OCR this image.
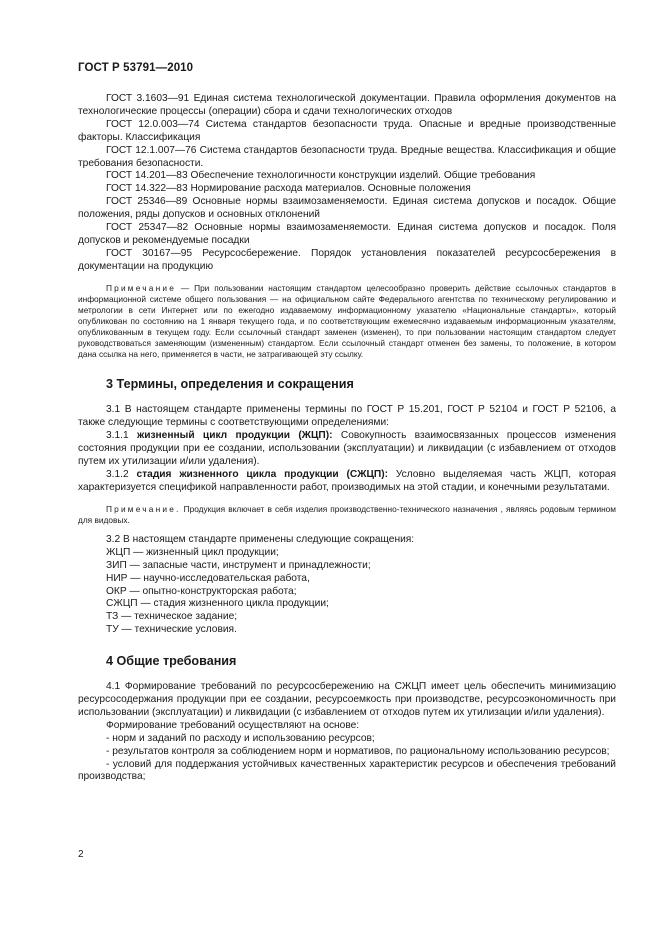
ГОСТ Р 53791—2010

ГОСТ 3.1603—91 Единая система технологической документации. Правила оформления документов на технологические процессы (операции) сбора и сдачи технологических отходов

ГОСТ 12.0.003—74 Система стандартов безопасности труда. Опасные и вредные производственные факторы. Классификация

ГОСТ 12.1.007—76 Система стандартов безопасности труда. Вредные вещества. Классификация и общие требования безопасности.

ГОСТ 14.201—83 Обеспечение технологичности конструкции изделий. Общие требования

ГОСТ 14.322—83 Нормирование расхода материалов. Основные положения

ГОСТ 25346—89 Основные нормы взаимозаменяемости. Единая система допусков и посадок. Общие положения, ряды допусков и основных отклонений

ГОСТ 25347—82 Основные нормы взаимозаменяемости. Единая система допусков и посадок. Поля допусков и рекомендуемые посадки

ГОСТ 30167—95 Ресурсосбережение. Порядок установления показателей ресурсосбережения в документации на продукцию

Примечание — При пользовании настоящим стандартом целесообразно проверить действие ссылочных стандартов в информационной системе общего пользования — на официальном сайте Федерального агентства по техническому регулированию и метрологии в сети Интернет или по ежегодно издаваемому информационному указателю «Национальные стандарты», который опубликован по состоянию на 1 января текущего года, и по соответствующим ежемесячно издаваемым информационным указателям, опубликованным в текущем году. Если ссылочный стандарт заменен (изменен), то при пользовании настоящим стандартом следует руководствоваться заменяющим (измененным) стандартом. Если ссылочный стандарт отменен без замены, то положение, в котором дана ссылка на него, применяется в части, не затрагивающей эту ссылку.

3 Термины, определения и сокращения

3.1 В настоящем стандарте применены термины по ГОСТ Р 15.201, ГОСТ Р 52104 и ГОСТ Р 52106, а также следующие термины с соответствующими определениями:

3.1.1 жизненный цикл продукции (ЖЦП): Совокупность взаимосвязанных процессов изменения состояния продукции при ее создании, использовании (эксплуатации) и ликвидации (с избавлением от отходов путем их утилизации и/или удаления).

3.1.2 стадия жизненного цикла продукции (СЖЦП): Условно выделяемая часть ЖЦП, которая характеризуется спецификой направленности работ, производимых на этой стадии, и конечными результатами.

Примечание. Продукция включает в себя изделия производственно-технического назначения , являясь родовым термином для видовых.

3.2 В настоящем стандарте применены следующие сокращения:

ЖЦП — жизненный цикл продукции;

ЗИП — запасные части, инструмент и принадлежности;

НИР — научно-исследовательская работа,

ОКР — опытно-конструкторская работа;

СЖЦП — стадия жизненного цикла продукции;

ТЗ — техническое задание;

ТУ — технические условия.

4 Общие требования

4.1 Формирование требований по ресурсосбережению на СЖЦП имеет цель обеспечить минимизацию ресурсосодержания продукции при ее создании, ресурсоемкость при производстве, ресурсоэкономичность при использовании (эксплуатации) и ликвидации (с избавлением от отходов путем их утилизации и/или удаления).

Формирование требований осуществляют на основе:

- норм и заданий по расходу и использованию ресурсов;

- результатов контроля за соблюдением норм и нормативов, по рациональному использованию ресурсов;

- условий для поддержания устойчивых качественных характеристик ресурсов и обеспечения требований производства;

2
